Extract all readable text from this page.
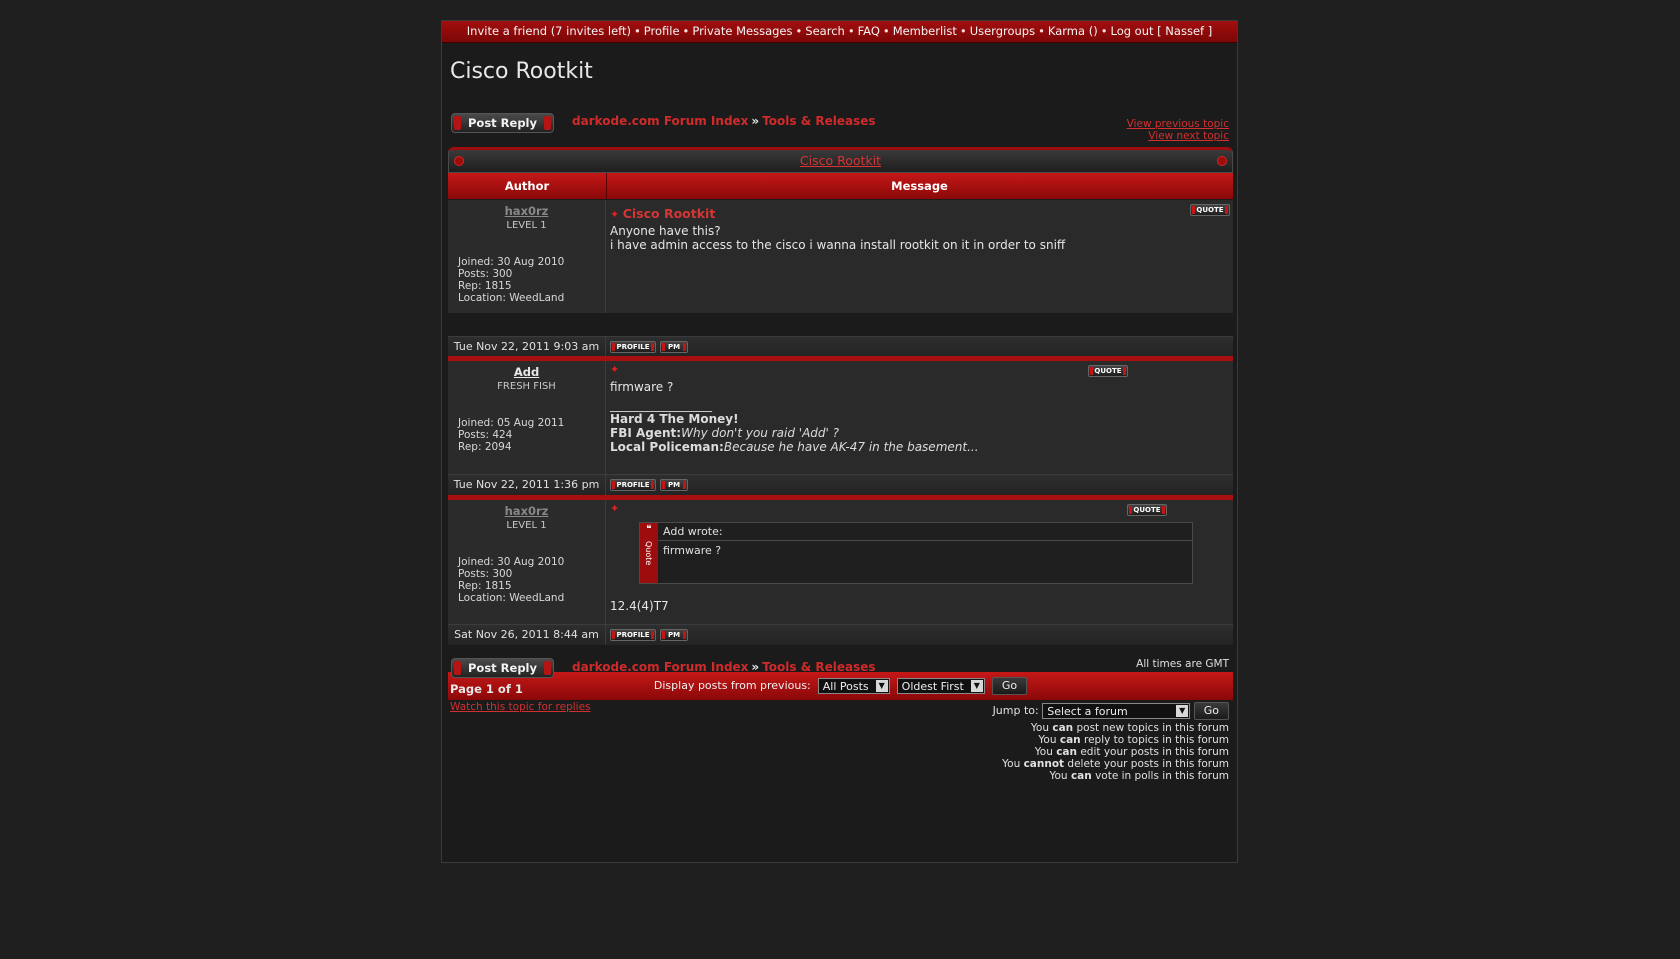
Invite a friend (7 invites left) • Profile • Private Messages • Search • FAQ • Memberlist • Usergroups • Karma () • Log out [ Nassef ]
Cisco Rootkit
Post Reply	darkode.com Forum Index » Tools & Releases	View previous topic
View next topic
Cisco Rootkit
Author	Message
hax0rz
LEVEL 1
Joined: 30 Aug 2010
Posts: 300
Rep: 1815
Location: WeedLand
✦ Cisco Rootkit	QUOTE
Anyone have this?
i have admin access to the cisco i wanna install rootkit on it in order to sniff
Tue Nov 22, 2011 9:03 am	PROFILE	PM
Add
FRESH FISH
Joined: 05 Aug 2011
Posts: 424
Rep: 2094
✦	QUOTE
firmware ?
_________________
Hard 4 The Money!
FBI Agent:Why don't you raid 'Add' ?
Local Policeman:Because he have AK-47 in the basement...
Tue Nov 22, 2011 1:36 pm	PROFILE	PM
hax0rz
LEVEL 1
Joined: 30 Aug 2010
Posts: 300
Rep: 1815
Location: WeedLand
✦	QUOTE
❝
Quote
Add wrote:
firmware ?
12.4(4)T7
Sat Nov 26, 2011 8:44 am	PROFILE	PM
Display posts from previous: All Posts	▼ Oldest First	▼ Go
Post Reply	darkode.com Forum Index » Tools & Releases	All times are GMT
Page 1 of 1
Watch this topic for replies	Jump to: Select a forum	▼ Go
You can post new topics in this forum
You can reply to topics in this forum
You can edit your posts in this forum
You cannot delete your posts in this forum
You can vote in polls in this forum
